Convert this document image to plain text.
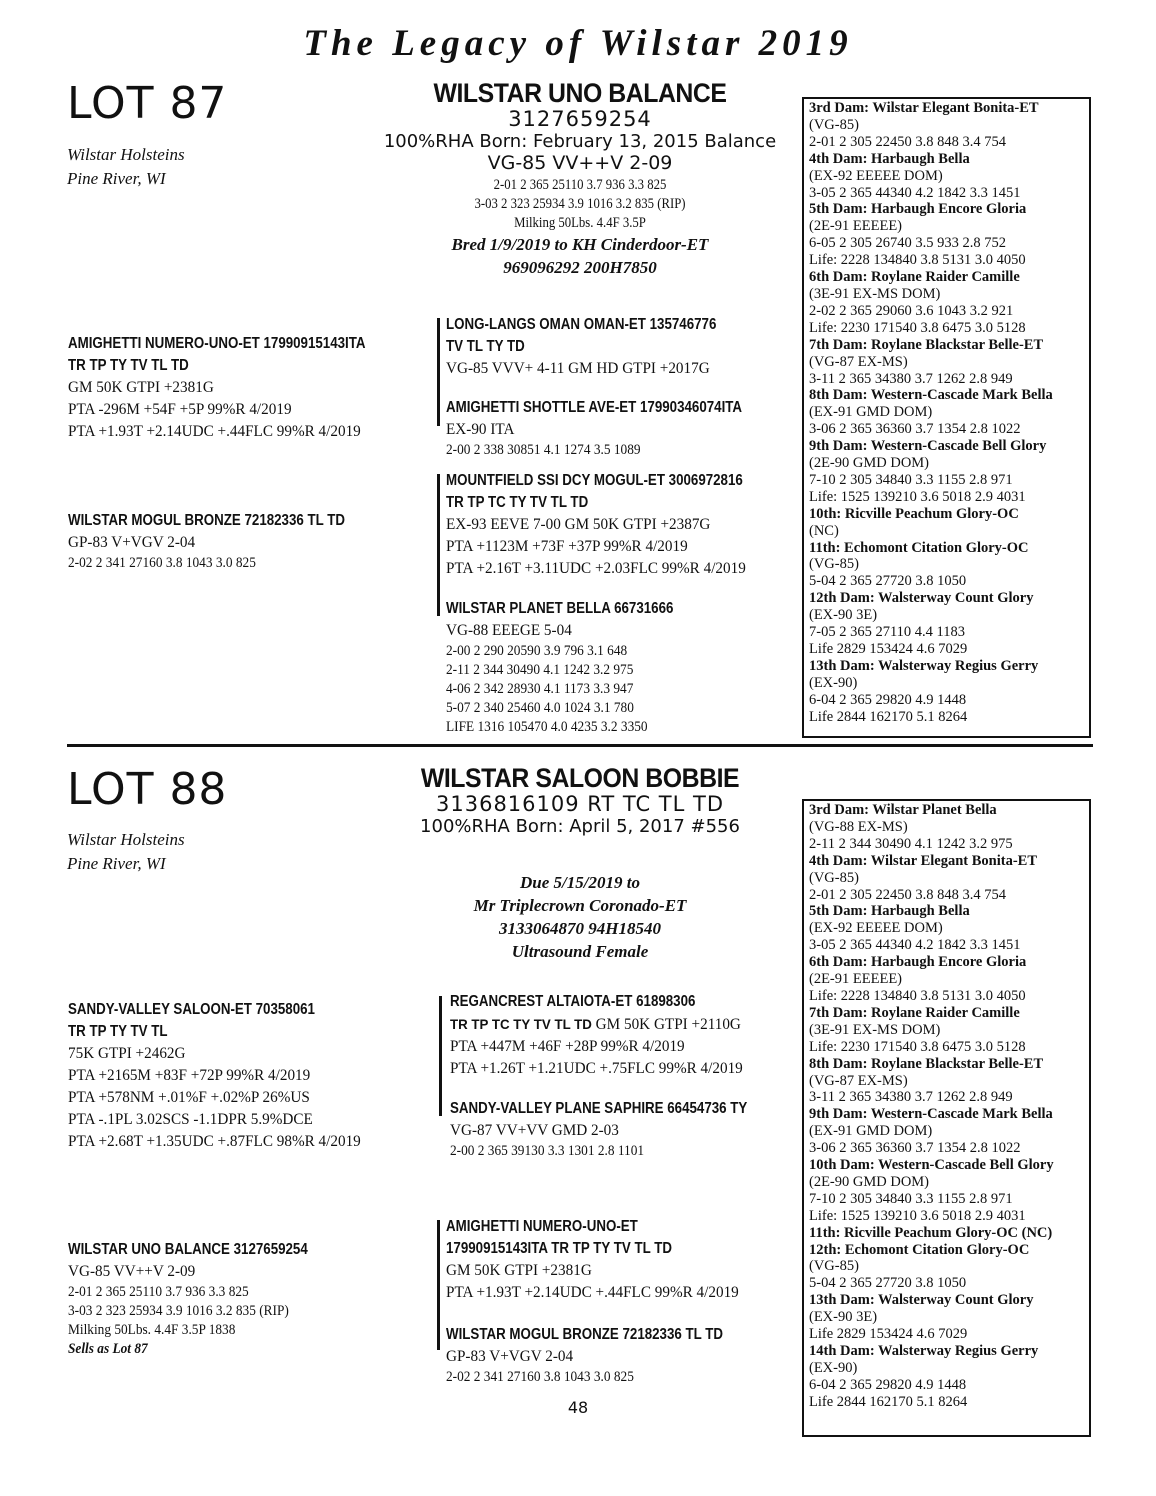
The Legacy of Wilstar 2019
LOT 87
Wilstar Holsteins
Pine River, WI
WILSTAR UNO BALANCE
3127659254
100%RHA Born: February 13, 2015 Balance
VG-85 VV++V 2-09
2-01 2 365 25110 3.7 936 3.3 825
3-03 2 323 25934 3.9 1016 3.2 835 (RIP)
Milking 50Lbs. 4.4F 3.5P
Bred 1/9/2019 to KH Cinderdoor-ET
969096292 200H7850
AMIGHETTI NUMERO-UNO-ET 17990915143ITA
TR TP TY TV TL TD
GM 50K GTPI +2381G
PTA -296M +54F +5P 99%R 4/2019
PTA +1.93T +2.14UDC +.44FLC 99%R 4/2019
WILSTAR MOGUL BRONZE 72182336 TL TD
GP-83 V+VGV 2-04
2-02 2 341 27160 3.8 1043 3.0 825
LONG-LANGS OMAN OMAN-ET 135746776
TV TL TY TD
VG-85 VVV+ 4-11 GM HD GTPI +2017G
AMIGHETTI SHOTTLE AVE-ET 17990346074ITA
EX-90 ITA
2-00 2 338 30851 4.1 1274 3.5 1089
MOUNTFIELD SSI DCY MOGUL-ET 3006972816
TR TP TC TY TV TL TD
EX-93 EEVE 7-00 GM 50K GTPI +2387G
PTA +1123M +73F +37P 99%R 4/2019
PTA +2.16T +3.11UDC +2.03FLC 99%R 4/2019
WILSTAR PLANET BELLA 66731666
VG-88 EEEGE 5-04
2-00 2 290 20590 3.9 796 3.1 648
2-11 2 344 30490 4.1 1242 3.2 975
4-06 2 342 28930 4.1 1173 3.3 947
5-07 2 340 25460 4.0 1024 3.1 780
LIFE 1316 105470 4.0 4235 3.2 3350
3rd Dam: Wilstar Elegant Bonita-ET
(VG-85)
2-01 2 305 22450 3.8 848 3.4 754
4th Dam: Harbaugh Bella
(EX-92 EEEEE DOM)
3-05 2 365 44340 4.2 1842 3.3 1451
5th Dam: Harbaugh Encore Gloria
(2E-91 EEEEE)
6-05 2 305 26740 3.5 933 2.8 752
Life: 2228 134840 3.8 5131 3.0 4050
6th Dam: Roylane Raider Camille
(3E-91 EX-MS DOM)
2-02 2 365 29060 3.6 1043 3.2 921
Life: 2230 171540 3.8 6475 3.0 5128
7th Dam: Roylane Blackstar Belle-ET
(VG-87 EX-MS)
3-11 2 365 34380 3.7 1262 2.8 949
8th Dam: Western-Cascade Mark Bella
(EX-91 GMD DOM)
3-06 2 365 36360 3.7 1354 2.8 1022
9th Dam: Western-Cascade Bell Glory
(2E-90 GMD DOM)
7-10 2 305 34840 3.3 1155 2.8 971
Life: 1525 139210 3.6 5018 2.9 4031
10th: Ricville Peachum Glory-OC
(NC)
11th: Echomont Citation Glory-OC
(VG-85)
5-04 2 365 27720 3.8 1050
12th Dam: Walsterway Count Glory
(EX-90 3E)
7-05 2 365 27110 4.4 1183
Life 2829 153424 4.6 7029
13th Dam: Walsterway Regius Gerry
(EX-90)
6-04 2 365 29820 4.9 1448
Life 2844 162170 5.1 8264
LOT 88
Wilstar Holsteins
Pine River, WI
WILSTAR SALOON BOBBIE
3136816109 RT TC TL TD
100%RHA Born: April 5, 2017 #556
Due 5/15/2019 to
Mr Triplecrown Coronado-ET
3133064870 94H18540
Ultrasound Female
SANDY-VALLEY SALOON-ET 70358061
TR TP TY TV TL
75K GTPI +2462G
PTA +2165M +83F +72P 99%R 4/2019
PTA +578NM +.01%F +.02%P 26%US
PTA -.1PL 3.02SCS -1.1DPR 5.9%DCE
PTA +2.68T +1.35UDC +.87FLC 98%R 4/2019
WILSTAR UNO BALANCE 3127659254
VG-85 VV++V 2-09
2-01 2 365 25110 3.7 936 3.3 825
3-03 2 323 25934 3.9 1016 3.2 835 (RIP)
Milking 50Lbs. 4.4F 3.5P 1838
Sells as Lot 87
REGANCREST ALTAIOTA-ET 61898306
TR TP TC TY TV TL TD GM 50K GTPI +2110G
PTA +447M +46F +28P 99%R 4/2019
PTA +1.26T +1.21UDC +.75FLC 99%R 4/2019
SANDY-VALLEY PLANE SAPHIRE 66454736 TY
VG-87 VV+VV GMD 2-03
2-00 2 365 39130 3.3 1301 2.8 1101
AMIGHETTI NUMERO-UNO-ET
17990915143ITA TR TP TY TV TL TD
GM 50K GTPI +2381G
PTA +1.93T +2.14UDC +.44FLC 99%R 4/2019
WILSTAR MOGUL BRONZE 72182336 TL TD
GP-83 V+VGV 2-04
2-02 2 341 27160 3.8 1043 3.0 825
3rd Dam: Wilstar Planet Bella
(VG-88 EX-MS)
2-11 2 344 30490 4.1 1242 3.2 975
4th Dam: Wilstar Elegant Bonita-ET
(VG-85)
2-01 2 305 22450 3.8 848 3.4 754
5th Dam: Harbaugh Bella
(EX-92 EEEEE DOM)
3-05 2 365 44340 4.2 1842 3.3 1451
6th Dam: Harbaugh Encore Gloria
(2E-91 EEEEE)
Life: 2228 134840 3.8 5131 3.0 4050
7th Dam: Roylane Raider Camille
(3E-91 EX-MS DOM)
Life: 2230 171540 3.8 6475 3.0 5128
8th Dam: Roylane Blackstar Belle-ET
(VG-87 EX-MS)
3-11 2 365 34380 3.7 1262 2.8 949
9th Dam: Western-Cascade Mark Bella
(EX-91 GMD DOM)
3-06 2 365 36360 3.7 1354 2.8 1022
10th Dam: Western-Cascade Bell Glory
(2E-90 GMD DOM)
7-10 2 305 34840 3.3 1155 2.8 971
Life: 1525 139210 3.6 5018 2.9 4031
11th: Ricville Peachum Glory-OC (NC)
12th: Echomont Citation Glory-OC
(VG-85)
5-04 2 365 27720 3.8 1050
13th Dam: Walsterway Count Glory
(EX-90 3E)
Life 2829 153424 4.6 7029
14th Dam: Walsterway Regius Gerry
(EX-90)
6-04 2 365 29820 4.9 1448
Life 2844 162170 5.1 8264
48
